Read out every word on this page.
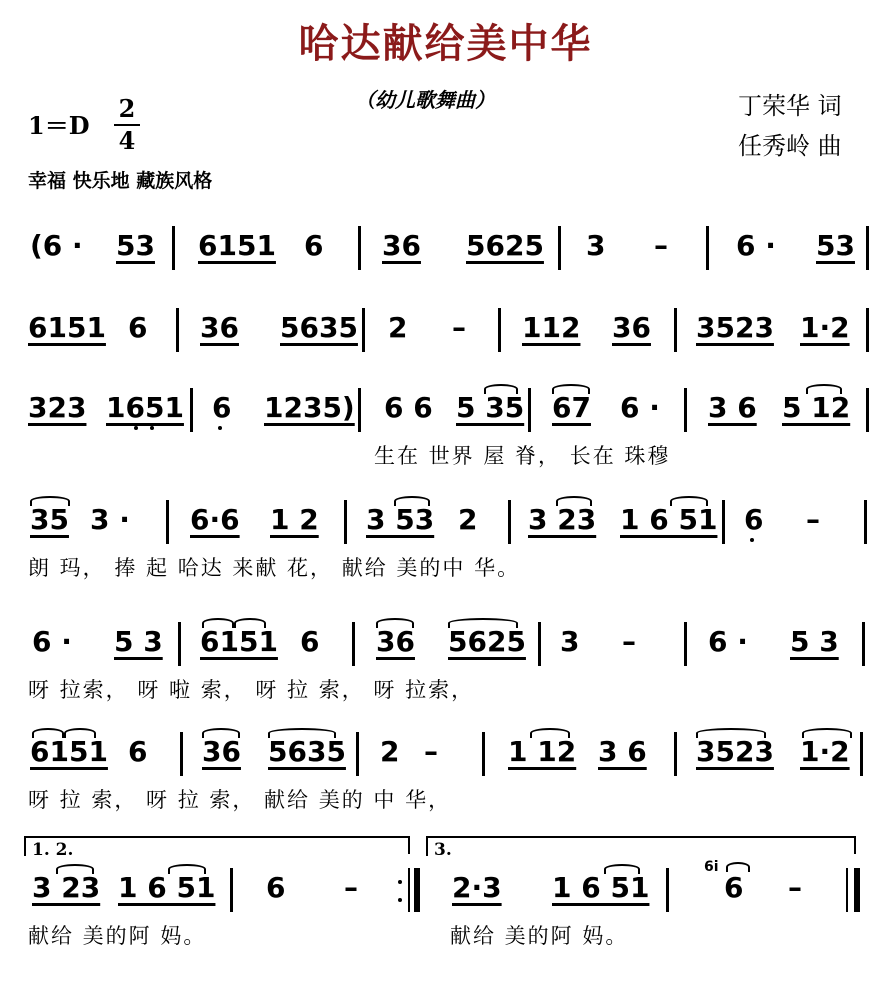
哈达献给美中华
（幼儿歌舞曲）
1＝D
2
4
丁荣华 词
任秀岭 曲
幸福 快乐地 藏族风格
(6 · 53 6151 6 36 5625 3 – 6 · 53
6151 6 36 5635 2 – 112 36 3523 1·2
323 1651 6 1235) 6 6 5 35 67 6 · 3 6 5 12
生在 世界 屋 脊， 长在 珠穆
35 3 · 6·6 1 2 3 53 2 3 23 1 6 51 6 –
朗 玛， 捧 起 哈达 来献 花， 献给 美的中 华。
6 · 5 3 6151 6 36 5625 3 –	6 · 5 3
呀 拉索， 呀 啦 索， 呀 拉 索， 呀 拉索，
6151 6 36 5635 2 –	1 12 3 6 3523 1·2
呀 拉 索， 呀 拉 索， 献给 美的 中 华，
1. 2.	3.
3 23 1 6 51 6 –	2·3 1 6 51
6i
6 –
献给 美的阿 妈。	献给 美的阿 妈。
